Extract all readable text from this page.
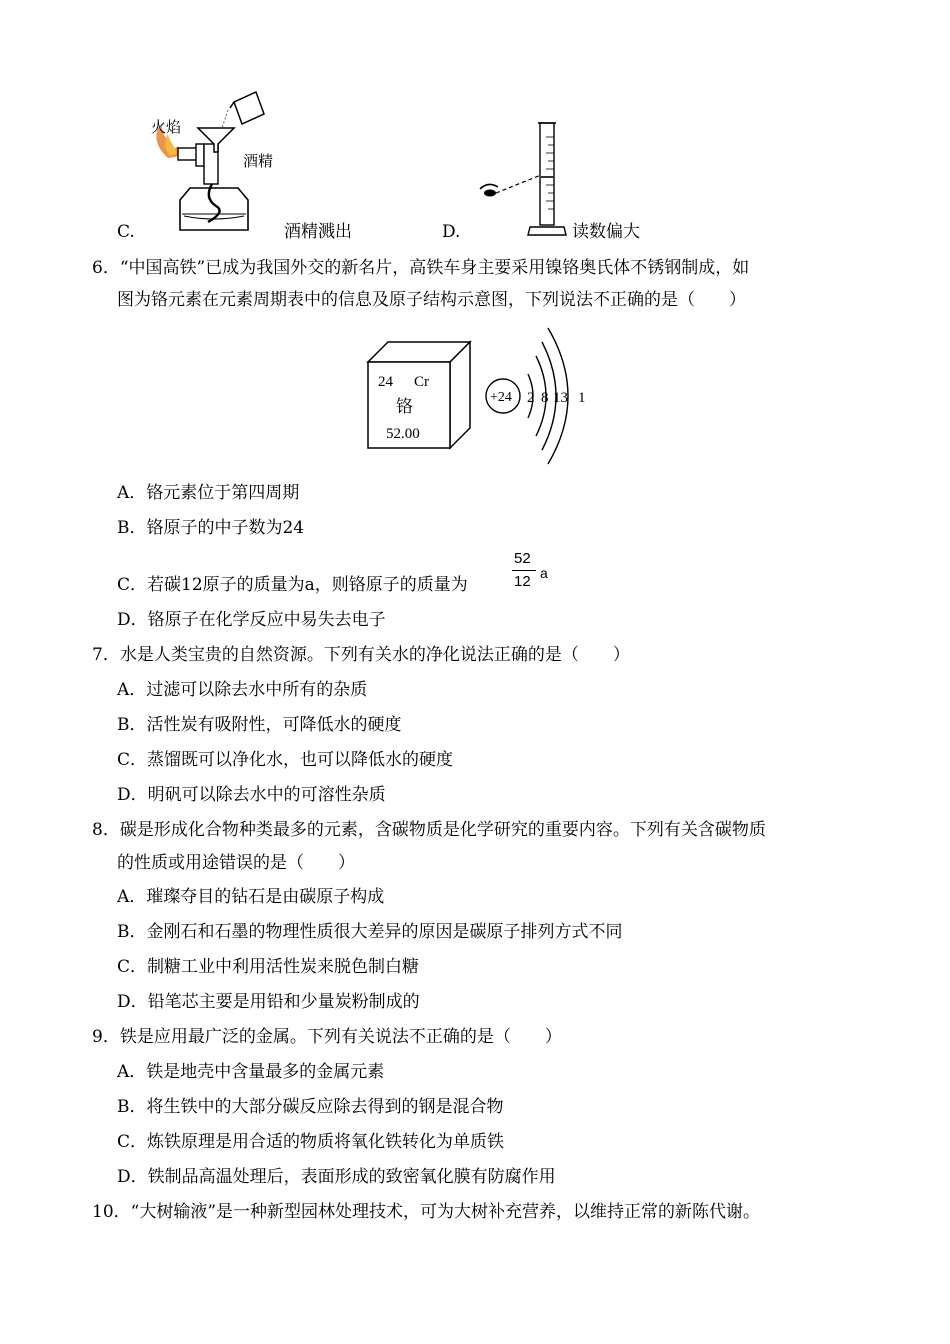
火焰
酒精
C.	酒精溅出	D.	读数偏大
6．“中国高铁”已成为我国外交的新名片，高铁车身主要采用镍铬奥氏体不锈钢制成，如
图为铬元素在元素周期表中的信息及原子结构示意图，下列说法不正确的是（　　）
24 Cr
铬
52.00
+24 2 8 13 1
A．铬元素位于第四周期
B．铬原子的中子数为24
C．若碳12原子的质量为a，则铬原子的质量为
52
12 a
D．铬原子在化学反应中易失去电子
7．水是人类宝贵的自然资源。下列有关水的净化说法正确的是（　　）
A．过滤可以除去水中所有的杂质
B．活性炭有吸附性，可降低水的硬度
C．蒸馏既可以净化水，也可以降低水的硬度
D．明矾可以除去水中的可溶性杂质
8．碳是形成化合物种类最多的元素，含碳物质是化学研究的重要内容。下列有关含碳物质
的性质或用途错误的是（　　）
A．璀璨夺目的钻石是由碳原子构成
B．金刚石和石墨的物理性质很大差异的原因是碳原子排列方式不同
C．制糖工业中利用活性炭来脱色制白糖
D．铅笔芯主要是用铅和少量炭粉制成的
9．铁是应用最广泛的金属。下列有关说法不正确的是（　　）
A．铁是地壳中含量最多的金属元素
B．将生铁中的大部分碳反应除去得到的钢是混合物
C．炼铁原理是用合适的物质将氧化铁转化为单质铁
D．铁制品高温处理后，表面形成的致密氧化膜有防腐作用
10．“大树输液”是一种新型园林处理技术，可为大树补充营养，以维持正常的新陈代谢。
